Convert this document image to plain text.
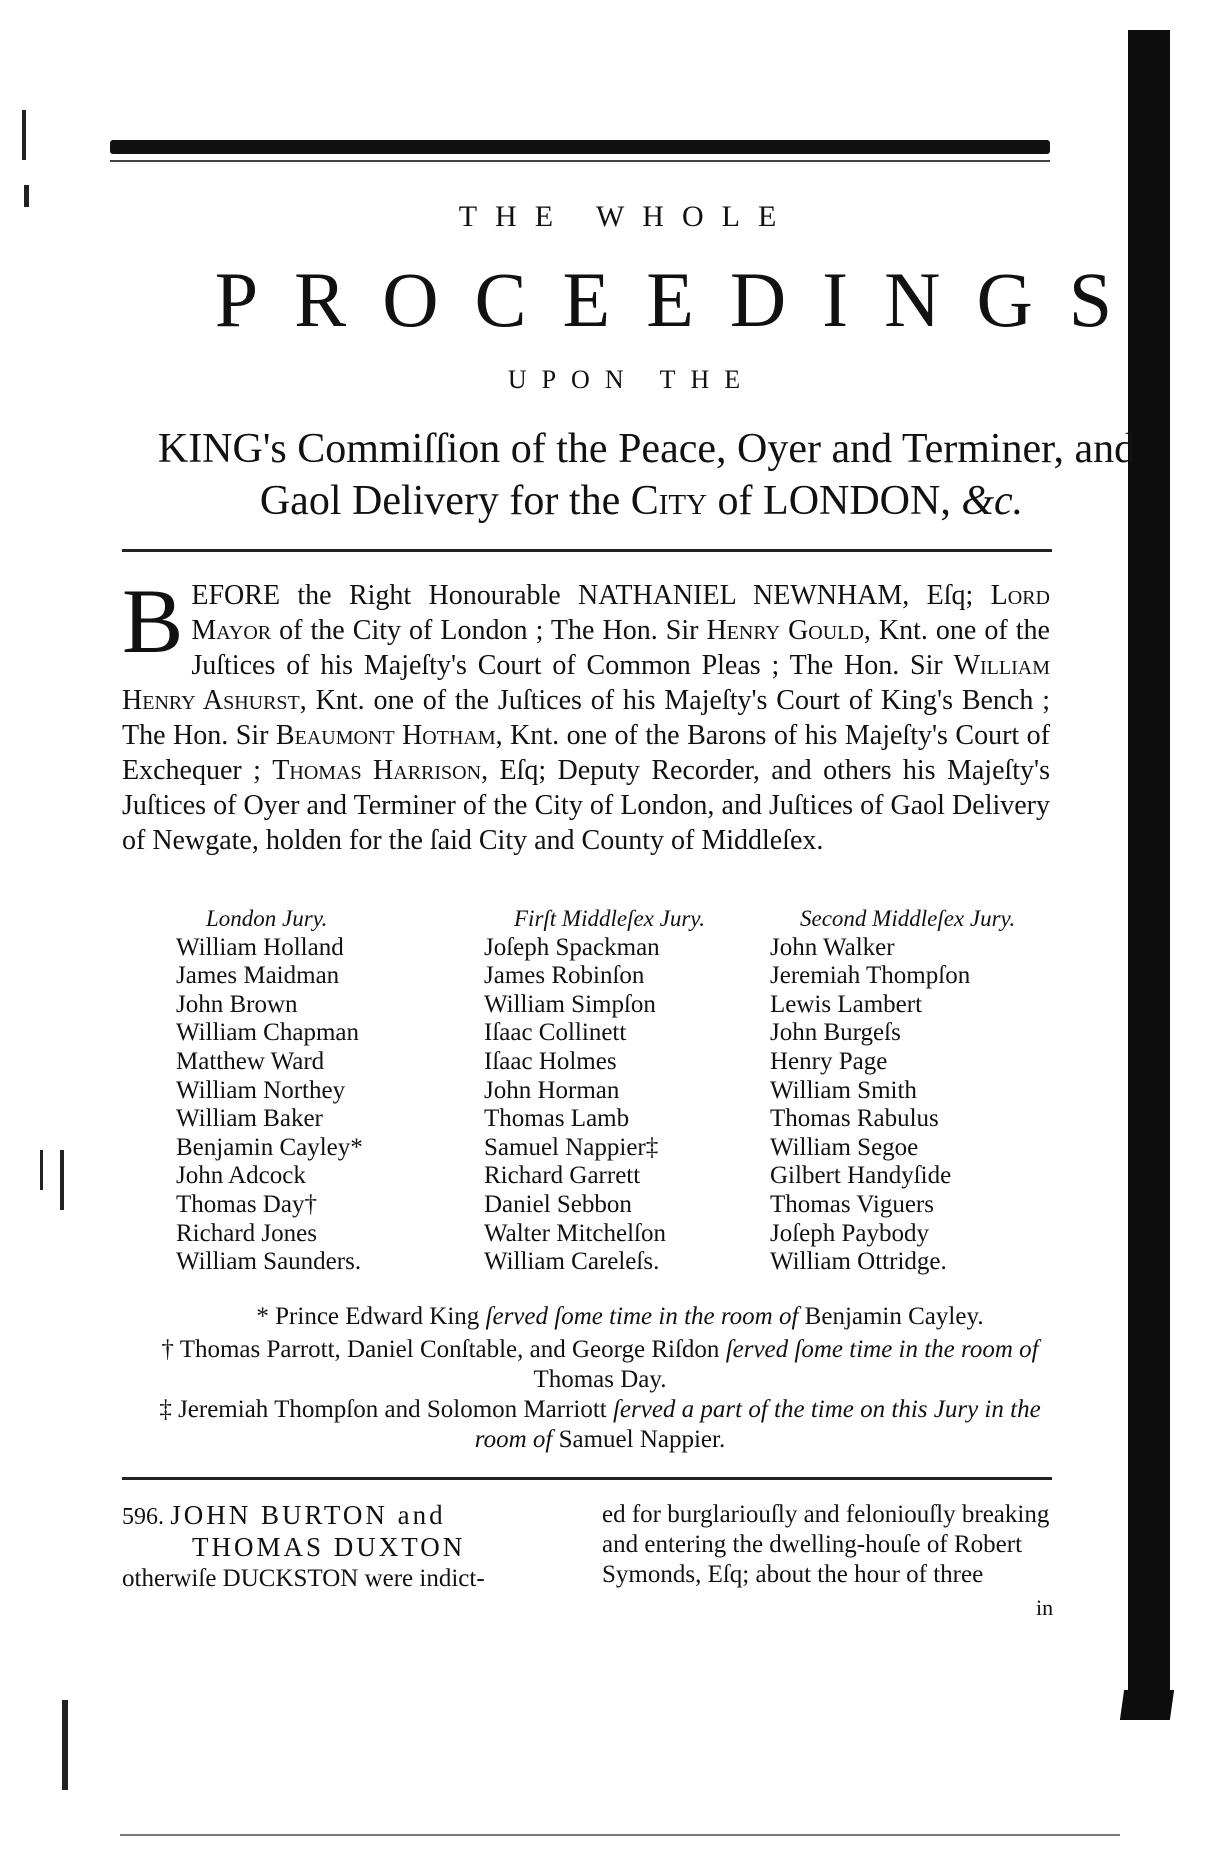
THE WHOLE
PROCEEDINGS
UPON THE
KING's Commiſſion of the Peace, Oyer and Terminer, and
Gaol Delivery for the City of LONDON, &c.
BEFORE the Right Honourable NATHANIEL NEWNHAM, Eſq; Lord Mayor of the City of London ; The Hon. Sir Henry Gould, Knt. one of the Juſtices of his Majeſty's Court of Common Pleas ; The Hon. Sir William Henry Ashurst, Knt. one of the Juſtices of his Majeſty's Court of King's Bench ; The Hon. Sir Beaumont Hotham, Knt. one of the Barons of his Majeſty's Court of Exchequer ; Thomas Harrison, Eſq; Deputy Recorder, and others his Majeſty's Juſtices of Oyer and Terminer of the City of London, and Juſtices of Gaol Delivery of Newgate, holden for the ſaid City and County of Middleſex.
London Jury.
William Holland
James Maidman
John Brown
William Chapman
Matthew Ward
William Northey
William Baker
Benjamin Cayley*
John Adcock
Thomas Day†
Richard Jones
William Saunders.
Firſt Middleſex Jury.
Joſeph Spackman
James Robinſon
William Simpſon
Iſaac Collinett
Iſaac Holmes
John Horman
Thomas Lamb
Samuel Nappier‡
Richard Garrett
Daniel Sebbon
Walter Mitchelſon
William Careleſs.
Second Middleſex Jury.
John Walker
Jeremiah Thompſon
Lewis Lambert
John Burgeſs
Henry Page
William Smith
Thomas Rabulus
William Segoe
Gilbert Handyſide
Thomas Viguers
Joſeph Paybody
William Ottridge.
* Prince Edward King ſerved ſome time in the room of Benjamin Cayley.
† Thomas Parrott, Daniel Conſtable, and George Riſdon ſerved ſome time in the room of Thomas Day.
‡ Jeremiah Thompſon and Solomon Marriott ſerved a part of the time on this Jury in the room of Samuel Nappier.
596. JOHN BURTON and
THOMAS DUXTON
otherwiſe DUCKSTON were indict-
ed for burglariouſly and feloniouſly breaking and entering the dwelling-houſe of Robert Symonds, Eſq; about the hour of three
in
